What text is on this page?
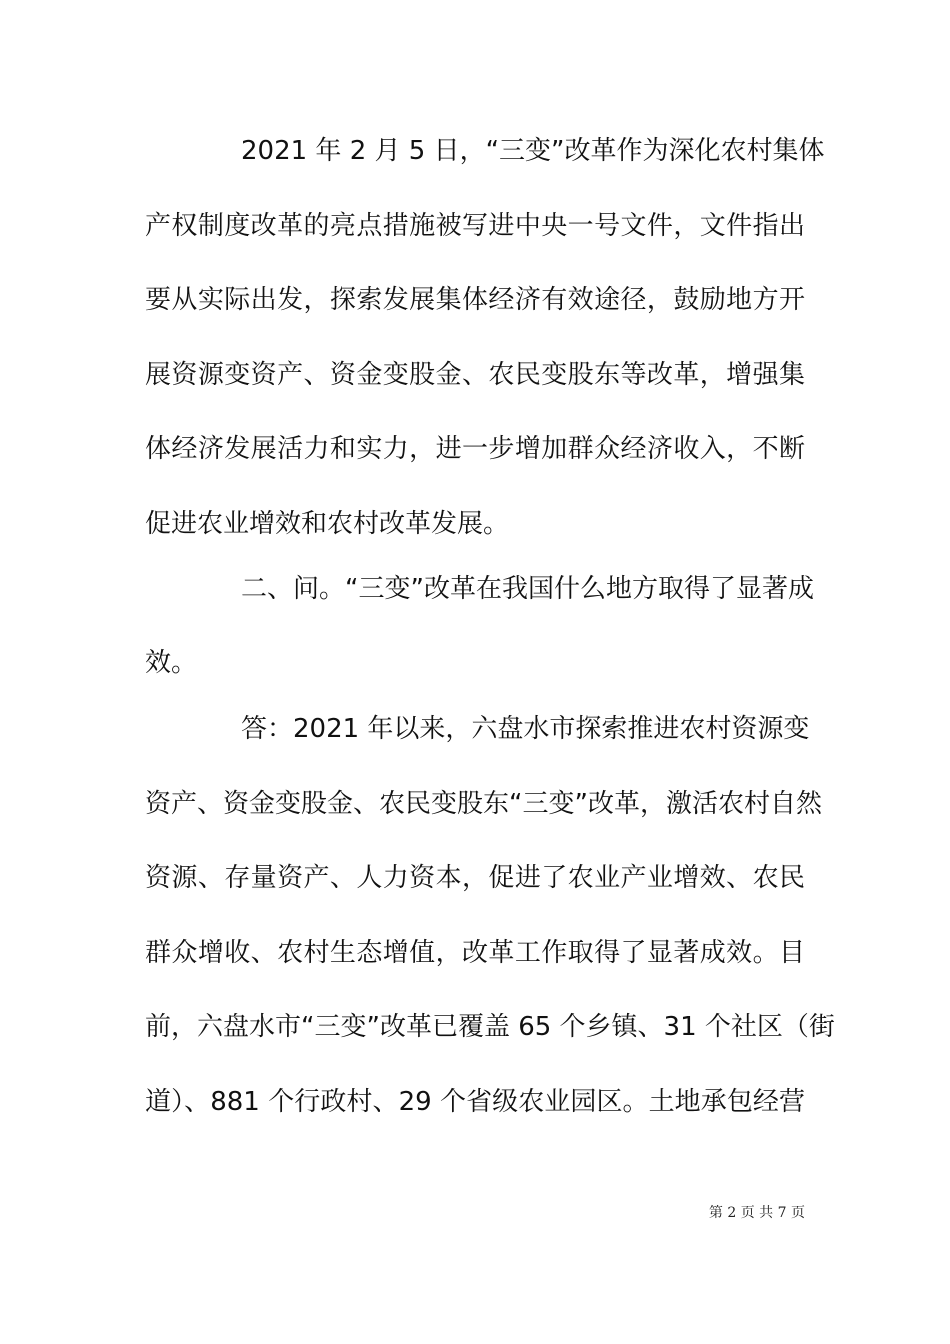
2021 年 2 月 5 日，“三变”改革作为深化农村集体
产权制度改革的亮点措施被写进中央一号文件，文件指出
要从实际出发，探索发展集体经济有效途径，鼓励地方开
展资源变资产、资金变股金、农民变股东等改革，增强集
体经济发展活力和实力，进一步增加群众经济收入，不断
促进农业增效和农村改革发展。
二、问。“三变”改革在我国什么地方取得了显著成
效。
答：2021 年以来，六盘水市探索推进农村资源变
资产、资金变股金、农民变股东“三变”改革，激活农村自然
资源、存量资产、人力资本，促进了农业产业增效、农民
群众增收、农村生态增值，改革工作取得了显著成效。目
前，六盘水市“三变”改革已覆盖 65 个乡镇、31 个社区（街
道）、881 个行政村、29 个省级农业园区。土地承包经营
第 2 页 共 7 页
